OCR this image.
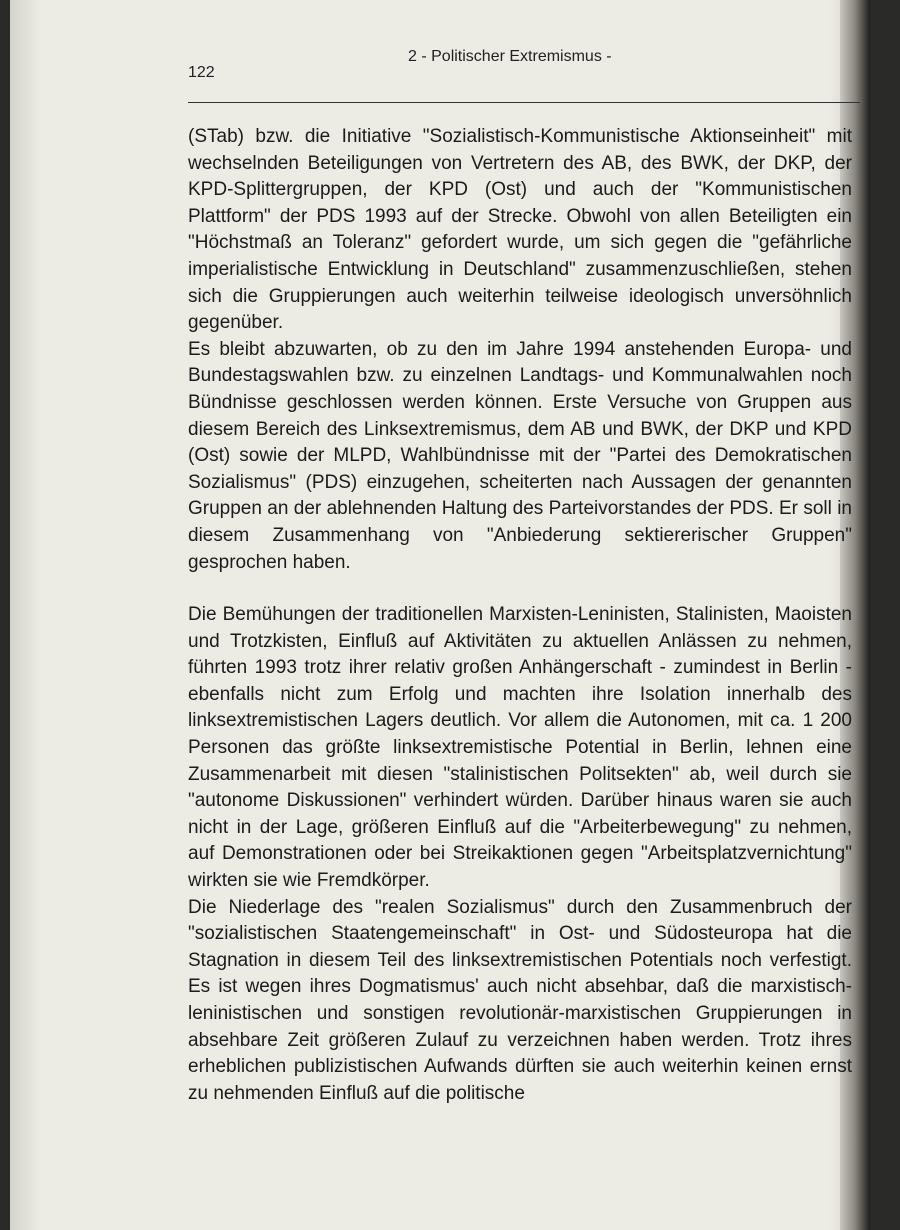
2 - Politischer Extremismus -
122

(STab) bzw. die Initiative "Sozialistisch-Kommunistische Aktionseinheit" mit wechselnden Beteiligungen von Vertretern des AB, des BWK, der DKP, der KPD-Splittergruppen, der KPD (Ost) und auch der "Kommunistischen Plattform" der PDS 1993 auf der Strecke. Obwohl von allen Beteiligten ein "Höchstmaß an Toleranz" gefordert wurde, um sich gegen die "gefährliche imperialistische Entwicklung in Deutschland" zusammenzuschließen, stehen sich die Gruppierungen auch weiterhin teilweise ideologisch unversöhnlich gegenüber.

Es bleibt abzuwarten, ob zu den im Jahre 1994 anstehenden Europa- und Bundestagswahlen bzw. zu einzelnen Landtags- und Kommunalwahlen noch Bündnisse geschlossen werden können. Erste Versuche von Gruppen aus diesem Bereich des Linksextremismus, dem AB und BWK, der DKP und KPD (Ost) sowie der MLPD, Wahlbündnisse mit der "Partei des Demokratischen Sozialismus" (PDS) einzugehen, scheiterten nach Aussagen der genannten Gruppen an der ablehnenden Haltung des Parteivorstandes der PDS. Er soll in diesem Zusammenhang von "Anbiederung sektiererischer Gruppen" gesprochen haben.

Die Bemühungen der traditionellen Marxisten-Leninisten, Stalinisten, Maoisten und Trotzkisten, Einfluß auf Aktivitäten zu aktuellen Anlässen zu nehmen, führten 1993 trotz ihrer relativ großen Anhängerschaft - zumindest in Berlin - ebenfalls nicht zum Erfolg und machten ihre Isolation innerhalb des linksextremistischen Lagers deutlich. Vor allem die Autonomen, mit ca. 1 200 Personen das größte linksextremistische Potential in Berlin, lehnen eine Zusammenarbeit mit diesen "stalinistischen Politsekten" ab, weil durch sie "autonome Diskussionen" verhindert würden. Darüber hinaus waren sie auch nicht in der Lage, größeren Einfluß auf die "Arbeiterbewegung" zu nehmen, auf Demonstrationen oder bei Streikaktionen gegen "Arbeitsplatzvernichtung" wirkten sie wie Fremdkörper.

Die Niederlage des "realen Sozialismus" durch den Zusammenbruch der "sozialistischen Staatengemeinschaft" in Ost- und Südosteuropa hat die Stagnation in diesem Teil des linksextremistischen Potentials noch verfestigt. Es ist wegen ihres Dogmatismus' auch nicht absehbar, daß die marxistisch-leninistischen und sonstigen revolutionär-marxistischen Gruppierungen in absehbare Zeit größeren Zulauf zu verzeichnen haben werden. Trotz ihres erheblichen publizistischen Aufwands dürften sie auch weiterhin keinen ernst zu nehmenden Einfluß auf die politische
